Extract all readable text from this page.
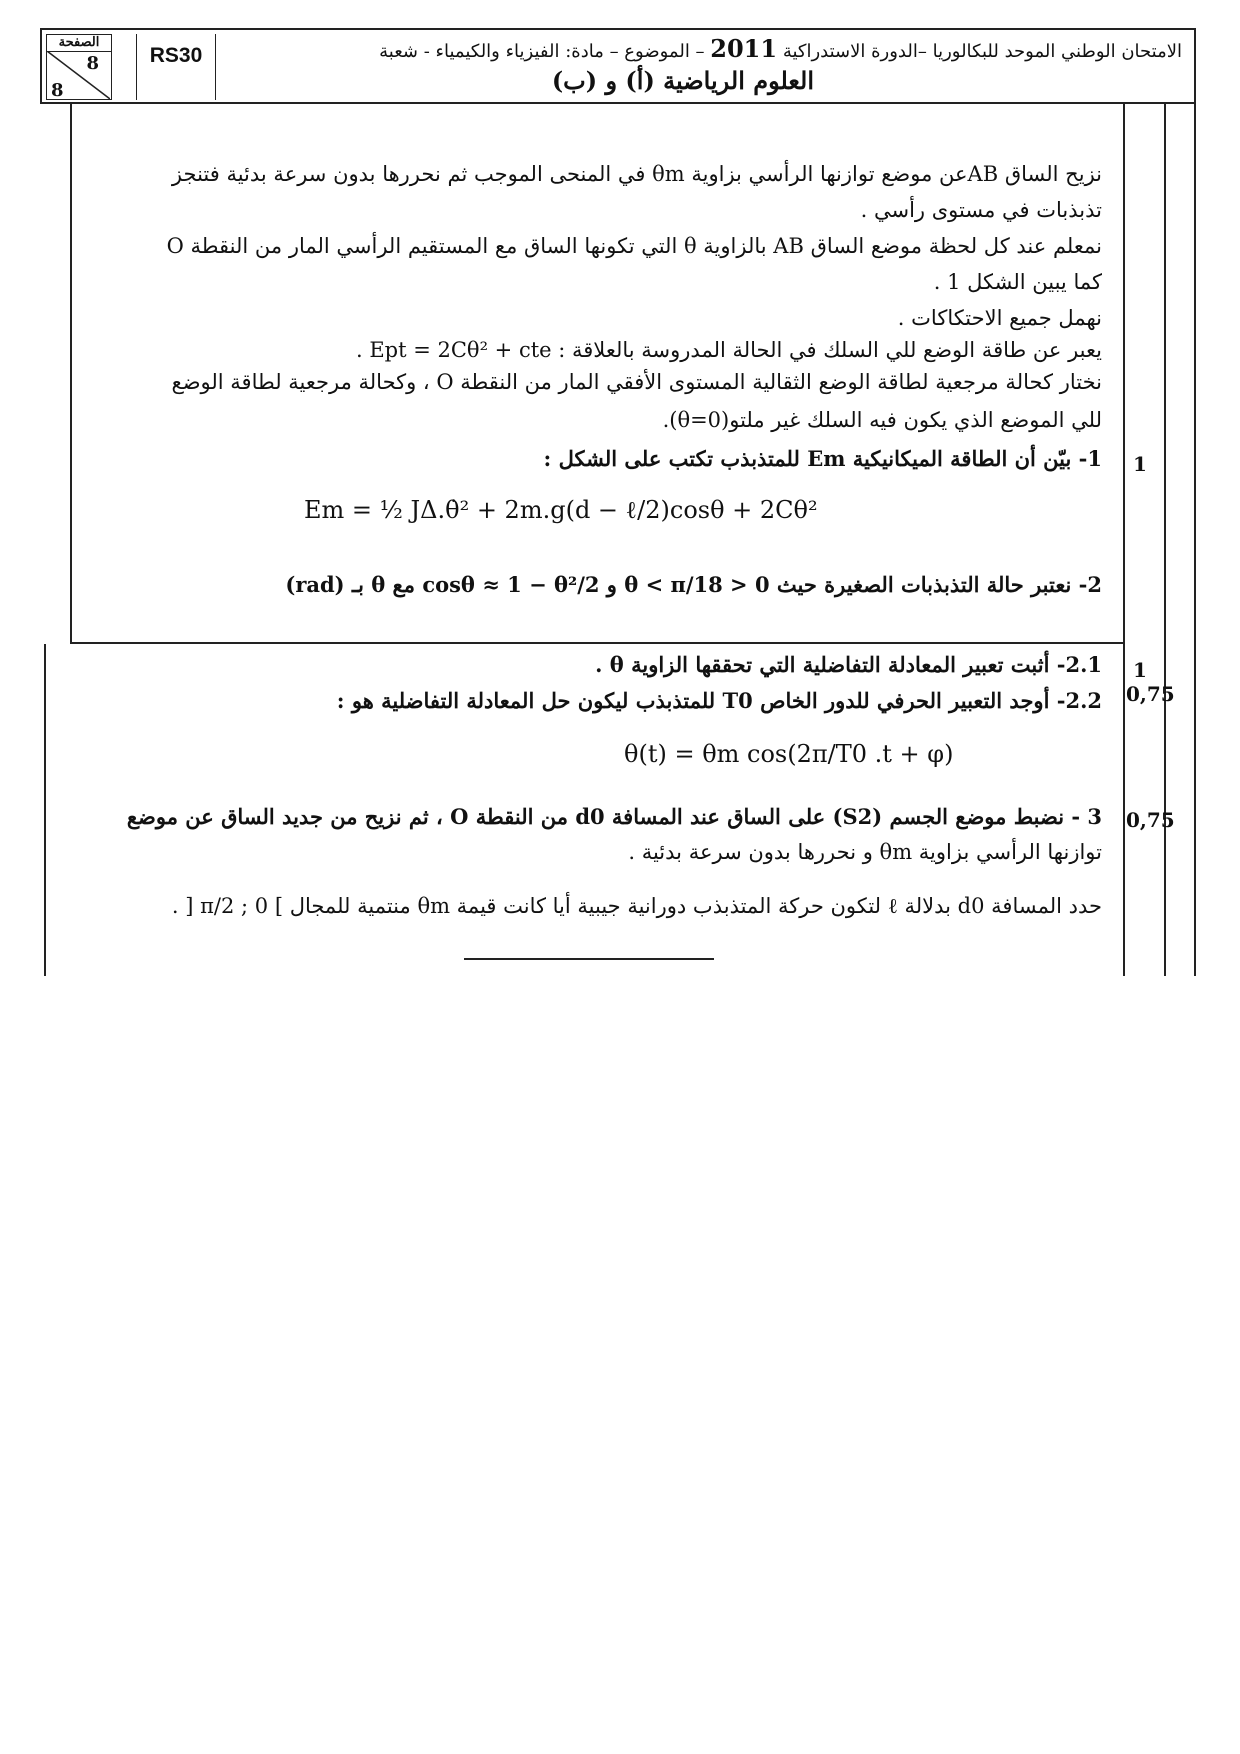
الصفحة
8
8
RS30	الامتحان الوطني الموحد للبكالوريا –الدورة الاستدراكية 2011 – الموضوع – مادة: الفيزياء والكيمياء - شعبة
العلوم الرياضية (أ) و (ب)
نزيح الساق ABعن موضع توازنها الرأسي بزاوية θm في المنحى الموجب ثم نحررها بدون سرعة بدئية فتنجز
تذبذبات في مستوى رأسي .
نمعلم عند كل لحظة موضع الساق AB بالزاوية θ التي تكونها الساق مع المستقيم الرأسي المار من النقطة O
كما يبين الشكل 1 .
نهمل جميع الاحتكاكات .
يعبر عن طاقة الوضع للي السلك في الحالة المدروسة بالعلاقة : Ept = 2Cθ² + cte .
نختار كحالة مرجعية لطاقة الوضع الثقالية المستوى الأفقي المار من النقطة O ، وكحالة مرجعية لطاقة الوضع
للي الموضع الذي يكون فيه السلك غير ملتو(θ=0).
1- بيّن أن الطاقة الميكانيكية Em للمتذبذب تكتب على الشكل :
Em = ½ JΔ.θ̇² + 2m.g(d − ℓ/2)cosθ + 2Cθ²
2- نعتبر حالة التذبذبات الصغيرة حيث 0 < θ < π/18 و cosθ ≈ 1 − θ²/2 مع θ بـ (rad)
2.1- أثبت تعبير المعادلة التفاضلية التي تحققها الزاوية θ .
2.2- أوجد التعبير الحرفي للدور الخاص T0 للمتذبذب ليكون حل المعادلة التفاضلية هو :
θ(t) = θm cos(2π/T0 .t + φ)
3 - نضبط موضع الجسم (S2) على الساق عند المسافة d0 من النقطة O ، ثم نزيح من جديد الساق عن موضع
توازنها الرأسي بزاوية θm و نحررها بدون سرعة بدئية .
حدد المسافة d0 بدلالة ℓ لتكون حركة المتذبذب دورانية جيبية أيا كانت قيمة θm منتمية للمجال ] 0 ; π/2 [ .
1
1
0,75
0,75
